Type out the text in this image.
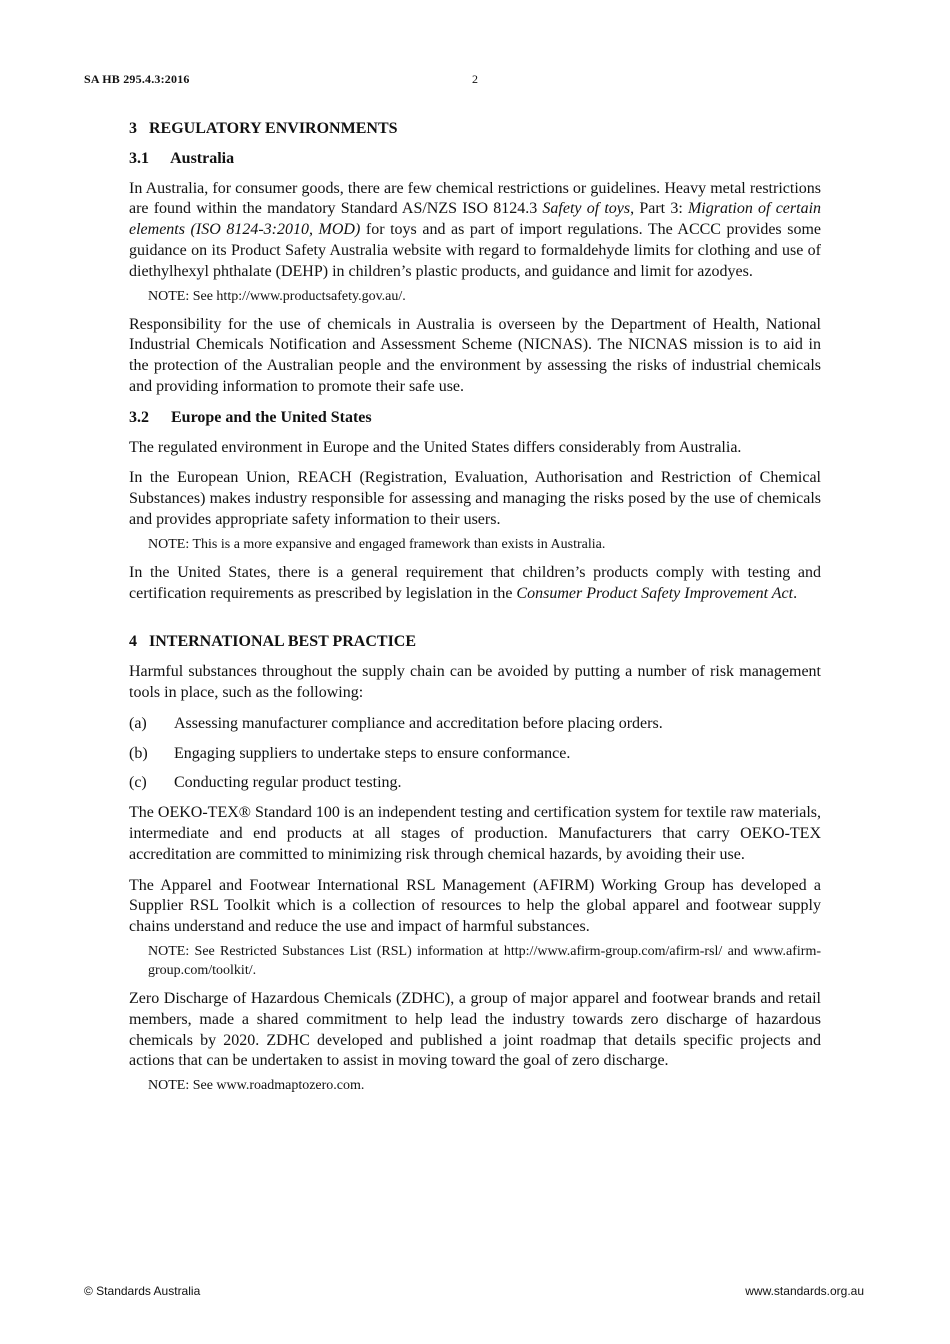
SA HB 295.4.3:2016	2
3 REGULATORY ENVIRONMENTS
3.1 Australia
In Australia, for consumer goods, there are few chemical restrictions or guidelines. Heavy metal restrictions are found within the mandatory Standard AS/NZS ISO 8124.3 Safety of toys, Part 3: Migration of certain elements (ISO 8124-3:2010, MOD) for toys and as part of import regulations. The ACCC provides some guidance on its Product Safety Australia website with regard to formaldehyde limits for clothing and use of diethylhexyl phthalate (DEHP) in children’s plastic products, and guidance and limit for azodyes.
NOTE: See http://www.productsafety.gov.au/.
Responsibility for the use of chemicals in Australia is overseen by the Department of Health, National Industrial Chemicals Notification and Assessment Scheme (NICNAS). The NICNAS mission is to aid in the protection of the Australian people and the environment by assessing the risks of industrial chemicals and providing information to promote their safe use.
3.2 Europe and the United States
The regulated environment in Europe and the United States differs considerably from Australia.
In the European Union, REACH (Registration, Evaluation, Authorisation and Restriction of Chemical Substances) makes industry responsible for assessing and managing the risks posed by the use of chemicals and provides appropriate safety information to their users.
NOTE: This is a more expansive and engaged framework than exists in Australia.
In the United States, there is a general requirement that children’s products comply with testing and certification requirements as prescribed by legislation in the Consumer Product Safety Improvement Act.
4 INTERNATIONAL BEST PRACTICE
Harmful substances throughout the supply chain can be avoided by putting a number of risk management tools in place, such as the following:
(a)	Assessing manufacturer compliance and accreditation before placing orders.
(b)	Engaging suppliers to undertake steps to ensure conformance.
(c)	Conducting regular product testing.
The OEKO-TEX® Standard 100 is an independent testing and certification system for textile raw materials, intermediate and end products at all stages of production. Manufacturers that carry OEKO-TEX accreditation are committed to minimizing risk through chemical hazards, by avoiding their use.
The Apparel and Footwear International RSL Management (AFIRM) Working Group has developed a Supplier RSL Toolkit which is a collection of resources to help the global apparel and footwear supply chains understand and reduce the use and impact of harmful substances.
NOTE: See Restricted Substances List (RSL) information at http://www.afirm-group.com/afirm-rsl/ and www.afirm-group.com/toolkit/.
Zero Discharge of Hazardous Chemicals (ZDHC), a group of major apparel and footwear brands and retail members, made a shared commitment to help lead the industry towards zero discharge of hazardous chemicals by 2020. ZDHC developed and published a joint roadmap that details specific projects and actions that can be undertaken to assist in moving toward the goal of zero discharge.
NOTE: See www.roadmaptozero.com.
© Standards Australia	www.standards.org.au
